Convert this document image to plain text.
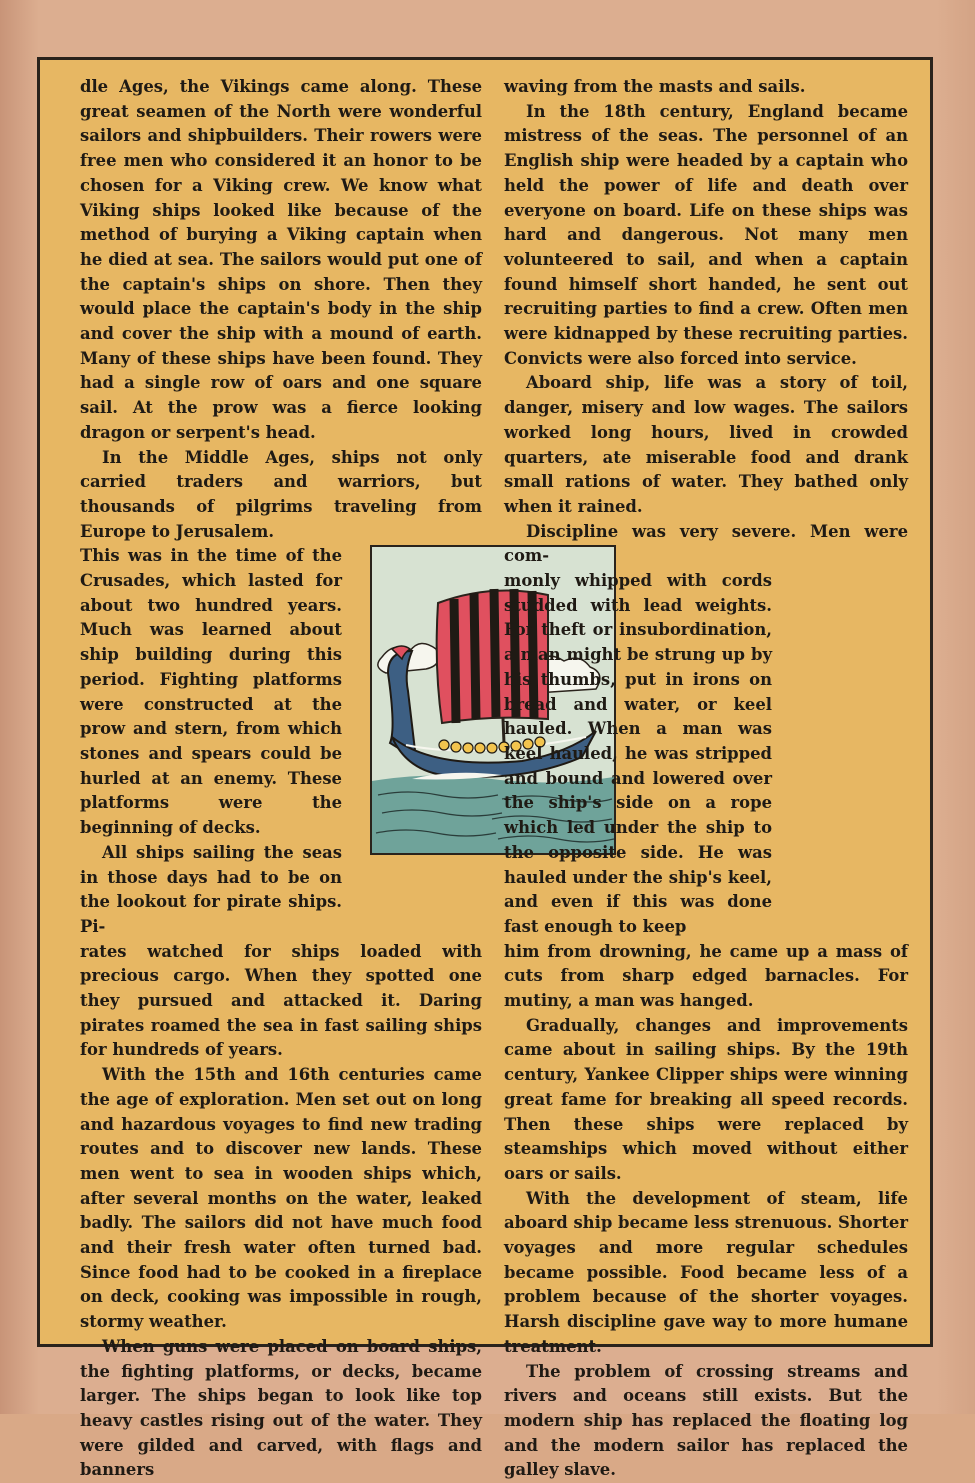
dle Ages, the Vikings came along. These great seamen of the North were wonderful sailors and shipbuilders. Their rowers were free men who considered it an honor to be chosen for a Viking crew. We know what Viking ships looked like because of the method of burying a Viking captain when he died at sea. The sailors would put one of the captain's ships on shore. Then they would place the captain's body in the ship and cover the ship with a mound of earth. Many of these ships have been found. They had a single row of oars and one square sail. At the prow was a fierce looking dragon or serpent's head.

In the Middle Ages, ships not only carried traders and warriors, but thousands of pilgrims traveling from Europe to Jerusalem.

This was in the time of the Crusades, which lasted for about two hundred years. Much was learned about ship building during this period. Fighting platforms were constructed at the prow and stern, from which stones and spears could be hurled at an enemy. These platforms were the beginning of decks.

All ships sailing the seas in those days had to be on the lookout for pirate ships. Pi-

rates watched for ships loaded with precious cargo. When they spotted one they pursued and attacked it. Daring pirates roamed the sea in fast sailing ships for hundreds of years.

With the 15th and 16th centuries came the age of exploration. Men set out on long and hazardous voyages to find new trading routes and to discover new lands. These men went to sea in wooden ships which, after several months on the water, leaked badly. The sailors did not have much food and their fresh water often turned bad. Since food had to be cooked in a fireplace on deck, cooking was impossible in rough, stormy weather.

When guns were placed on board ships, the fighting platforms, or decks, became larger. The ships began to look like top heavy castles rising out of the water. They were gilded and carved, with flags and banners

waving from the masts and sails.

In the 18th century, England became mistress of the seas. The personnel of an English ship were headed by a captain who held the power of life and death over everyone on board. Life on these ships was hard and dangerous. Not many men volunteered to sail, and when a captain found himself short handed, he sent out recruiting parties to find a crew. Often men were kidnapped by these recruiting parties. Convicts were also forced into service.

Aboard ship, life was a story of toil, danger, misery and low wages. The sailors worked long hours, lived in crowded quarters, ate miserable food and drank small rations of water. They bathed only when it rained.

Discipline was very severe. Men were com-

monly whipped with cords studded with lead weights. For theft or insubordination, a man might be strung up by his thumbs, put in irons on bread and water, or keel hauled. When a man was keel hauled, he was stripped and bound and lowered over the ship's side on a rope which led under the ship to the opposite side. He was hauled under the ship's keel, and even if this was done fast enough to keep

him from drowning, he came up a mass of cuts from sharp edged barnacles. For mutiny, a man was hanged.

Gradually, changes and improvements came about in sailing ships. By the 19th century, Yankee Clipper ships were winning great fame for breaking all speed records. Then these ships were replaced by steamships which moved without either oars or sails.

With the development of steam, life aboard ship became less strenuous. Shorter voyages and more regular schedules became possible. Food became less of a problem because of the shorter voyages. Harsh discipline gave way to more humane treatment.

The problem of crossing streams and rivers and oceans still exists. But the modern ship has replaced the floating log and the modern sailor has replaced the galley slave.
